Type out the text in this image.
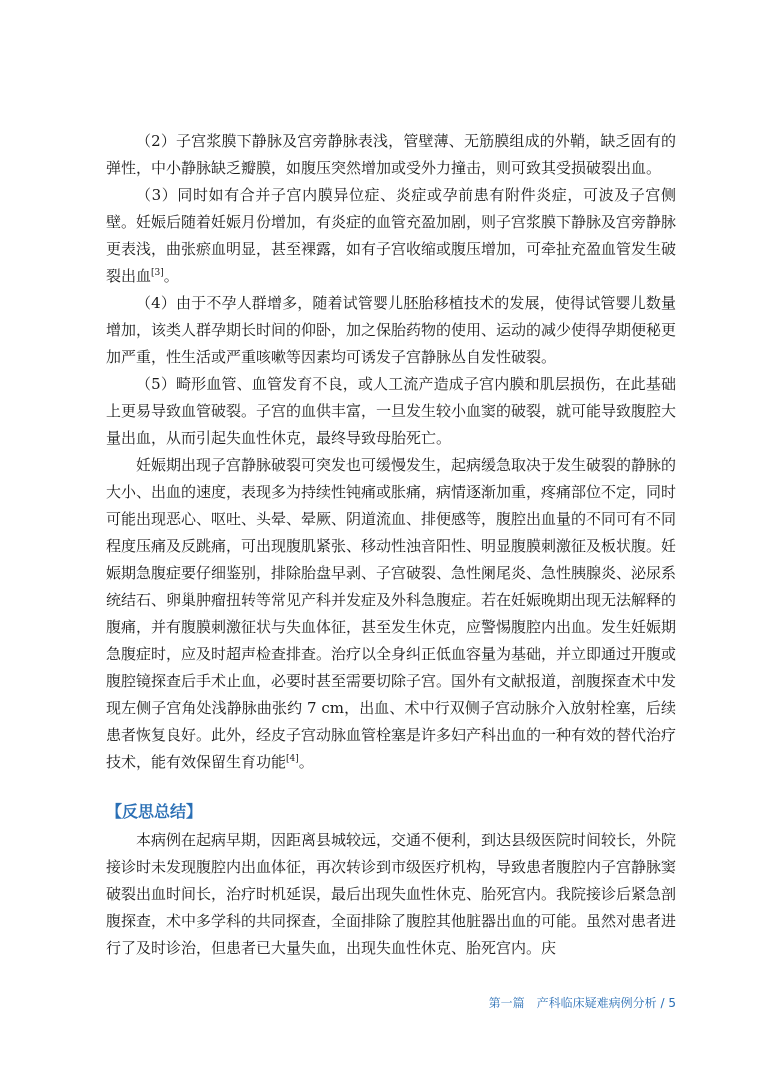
（2）子宫浆膜下静脉及宫旁静脉表浅，管壁薄、无筋膜组成的外鞘，缺乏固有的弹性，中小静脉缺乏瓣膜，如腹压突然增加或受外力撞击，则可致其受损破裂出血。

（3）同时如有合并子宫内膜异位症、炎症或孕前患有附件炎症，可波及子宫侧壁。妊娠后随着妊娠月份增加，有炎症的血管充盈加剧，则子宫浆膜下静脉及宫旁静脉更表浅，曲张瘀血明显，甚至裸露，如有子宫收缩或腹压增加，可牵扯充盈血管发生破裂出血[3]。

（4）由于不孕人群增多，随着试管婴儿胚胎移植技术的发展，使得试管婴儿数量增加，该类人群孕期长时间的仰卧，加之保胎药物的使用、运动的减少使得孕期便秘更加严重，性生活或严重咳嗽等因素均可诱发子宫静脉丛自发性破裂。

（5）畸形血管、血管发育不良，或人工流产造成子宫内膜和肌层损伤，在此基础上更易导致血管破裂。子宫的血供丰富，一旦发生较小血窦的破裂，就可能导致腹腔大量出血，从而引起失血性休克，最终导致母胎死亡。

妊娠期出现子宫静脉破裂可突发也可缓慢发生，起病缓急取决于发生破裂的静脉的大小、出血的速度，表现多为持续性钝痛或胀痛，病情逐渐加重，疼痛部位不定，同时可能出现恶心、呕吐、头晕、晕厥、阴道流血、排便感等，腹腔出血量的不同可有不同程度压痛及反跳痛，可出现腹肌紧张、移动性浊音阳性、明显腹膜刺激征及板状腹。妊娠期急腹症要仔细鉴别，排除胎盘早剥、子宫破裂、急性阑尾炎、急性胰腺炎、泌尿系统结石、卵巢肿瘤扭转等常见产科并发症及外科急腹症。若在妊娠晚期出现无法解释的腹痛，并有腹膜刺激征状与失血体征，甚至发生休克，应警惕腹腔内出血。发生妊娠期急腹症时，应及时超声检查排查。治疗以全身纠正低血容量为基础，并立即通过开腹或腹腔镜探查后手术止血，必要时甚至需要切除子宫。国外有文献报道，剖腹探查术中发现左侧子宫角处浅静脉曲张约 7 cm，出血、术中行双侧子宫动脉介入放射栓塞，后续患者恢复良好。此外，经皮子宫动脉血管栓塞是许多妇产科出血的一种有效的替代治疗技术，能有效保留生育功能[4]。

【反思总结】

本病例在起病早期，因距离县城较远，交通不便利，到达县级医院时间较长，外院接诊时未发现腹腔内出血体征，再次转诊到市级医疗机构，导致患者腹腔内子宫静脉窦破裂出血时间长，治疗时机延误，最后出现失血性休克、胎死宫内。我院接诊后紧急剖腹探查，术中多学科的共同探查，全面排除了腹腔其他脏器出血的可能。虽然对患者进行了及时诊治，但患者已大量失血，出现失血性休克、胎死宫内。庆

第一篇 产科临床疑难病例分析 / 5
